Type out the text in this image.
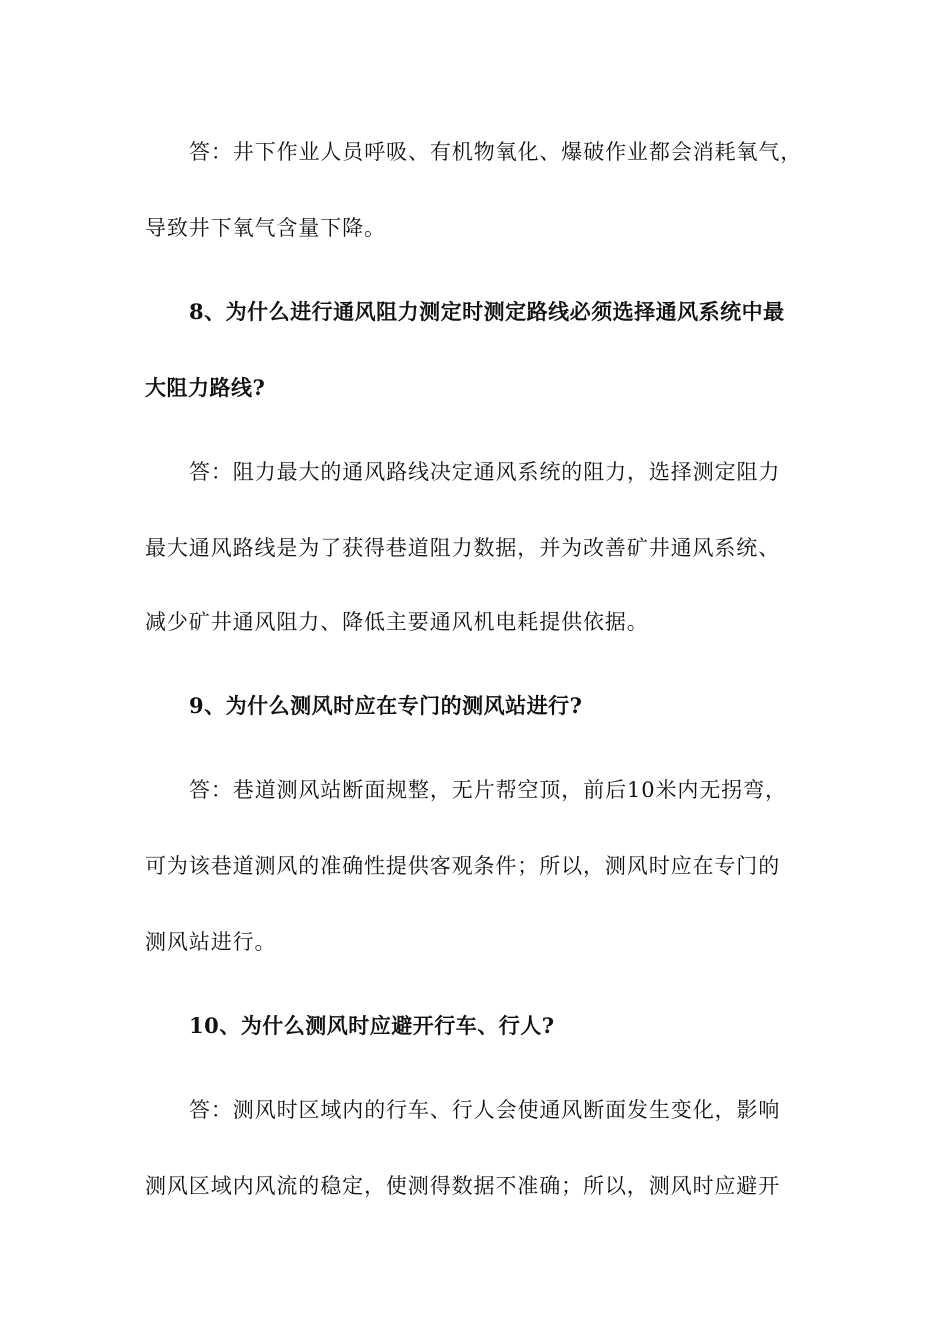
答：井下作业人员呼吸、有机物氧化、爆破作业都会消耗氧气，
导致井下氧气含量下降。
8、为什么进行通风阻力测定时测定路线必须选择通风系统中最
大阻力路线?
答：阻力最大的通风路线决定通风系统的阻力，选择测定阻力
最大通风路线是为了获得巷道阻力数据，并为改善矿井通风系统、
减少矿井通风阻力、降低主要通风机电耗提供依据。
9、为什么测风时应在专门的测风站进行?
答：巷道测风站断面规整，无片帮空顶，前后10米内无拐弯，
可为该巷道测风的准确性提供客观条件；所以，测风时应在专门的
测风站进行。
10、为什么测风时应避开行车、行人?
答：测风时区域内的行车、行人会使通风断面发生变化，影响
测风区域内风流的稳定，使测得数据不准确；所以，测风时应避开
